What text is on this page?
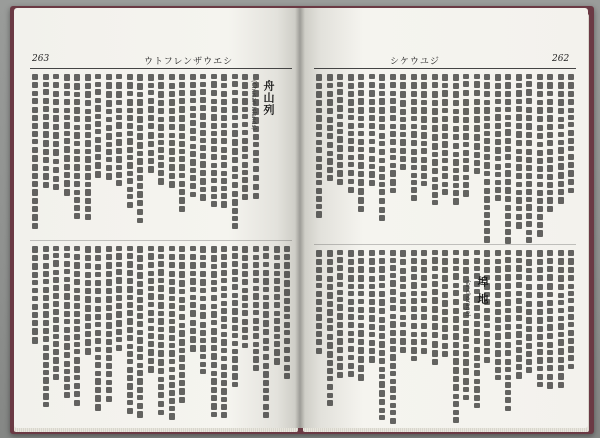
263	ウトフレンザウエシ
舟山列
(Chusan Islands)
シケウユジ	262
埠 地
(anchorage)
